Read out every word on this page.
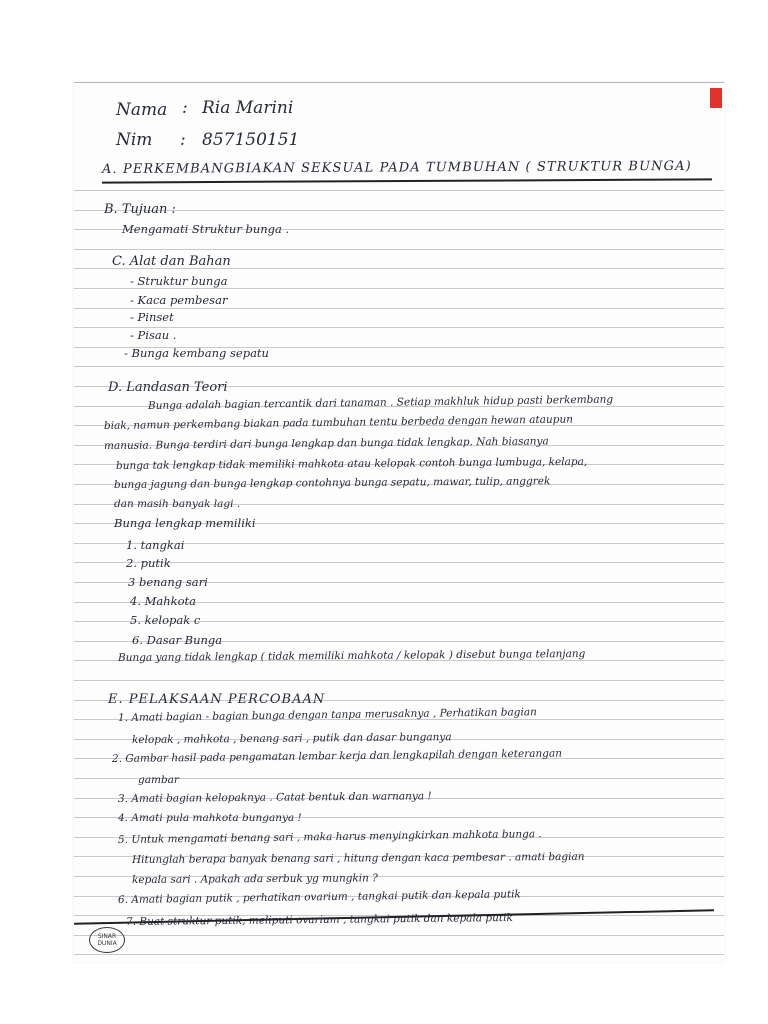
Nama : Ria Marini
Nim : 857150151
A. PERKEMBANGBIAKAN SEKSUAL PADA TUMBUHAN ( STRUKTUR BUNGA)
B. Tujuan :
Mengamati Struktur bunga .
C. Alat dan Bahan
- Struktur bunga
- Kaca pembesar
- Pinset
- Pisau .
- Bunga kembang sepatu
D. Landasan Teori
Bunga adalah bagian tercantik dari tanaman . Setiap makhluk hidup pasti berkembang
biak, namun perkembang biakan pada tumbuhan tentu berbeda dengan hewan ataupun
manusia. Bunga terdiri dari bunga lengkap dan bunga tidak lengkap. Nah biasanya
bunga tak lengkap tidak memiliki mahkota atau kelopak contoh bunga lumbuga, kelapa,
bunga jagung dan bunga lengkap contohnya bunga sepatu, mawar, tulip, anggrek
dan masih banyak lagi .
Bunga lengkap memiliki
1. tangkai
2. putik
3 benang sari
4. Mahkota
5. kelopak c
6. Dasar Bunga
Bunga yang tidak lengkap ( tidak memiliki mahkota / kelopak ) disebut bunga telanjang
E. PELAKSAAN PERCOBAAN
1. Amati bagian - bagian bunga dengan tanpa merusaknya , Perhatikan bagian
kelopak , mahkota , benang sari , putik dan dasar bunganya
2. Gambar hasil pada pengamatan lembar kerja dan lengkapilah dengan keterangan
gambar
3. Amati bagian kelopaknya . Catat bentuk dan warnanya !
4. Amati pula mahkota bunganya !
5. Untuk mengamati benang sari , maka harus menyingkirkan mahkota bunga .
Hitunglah berapa banyak benang sari , hitung dengan kaca pembesar . amati bagian
kepala sari . Apakah ada serbuk yg mungkin ?
6. Amati bagian putik , perhatikan ovarium , tangkai putik dan kepala putik
7. Buat struktur putik, meliputi ovarium , tangkai putik dan kepala putik
SINAR
DUNIA
